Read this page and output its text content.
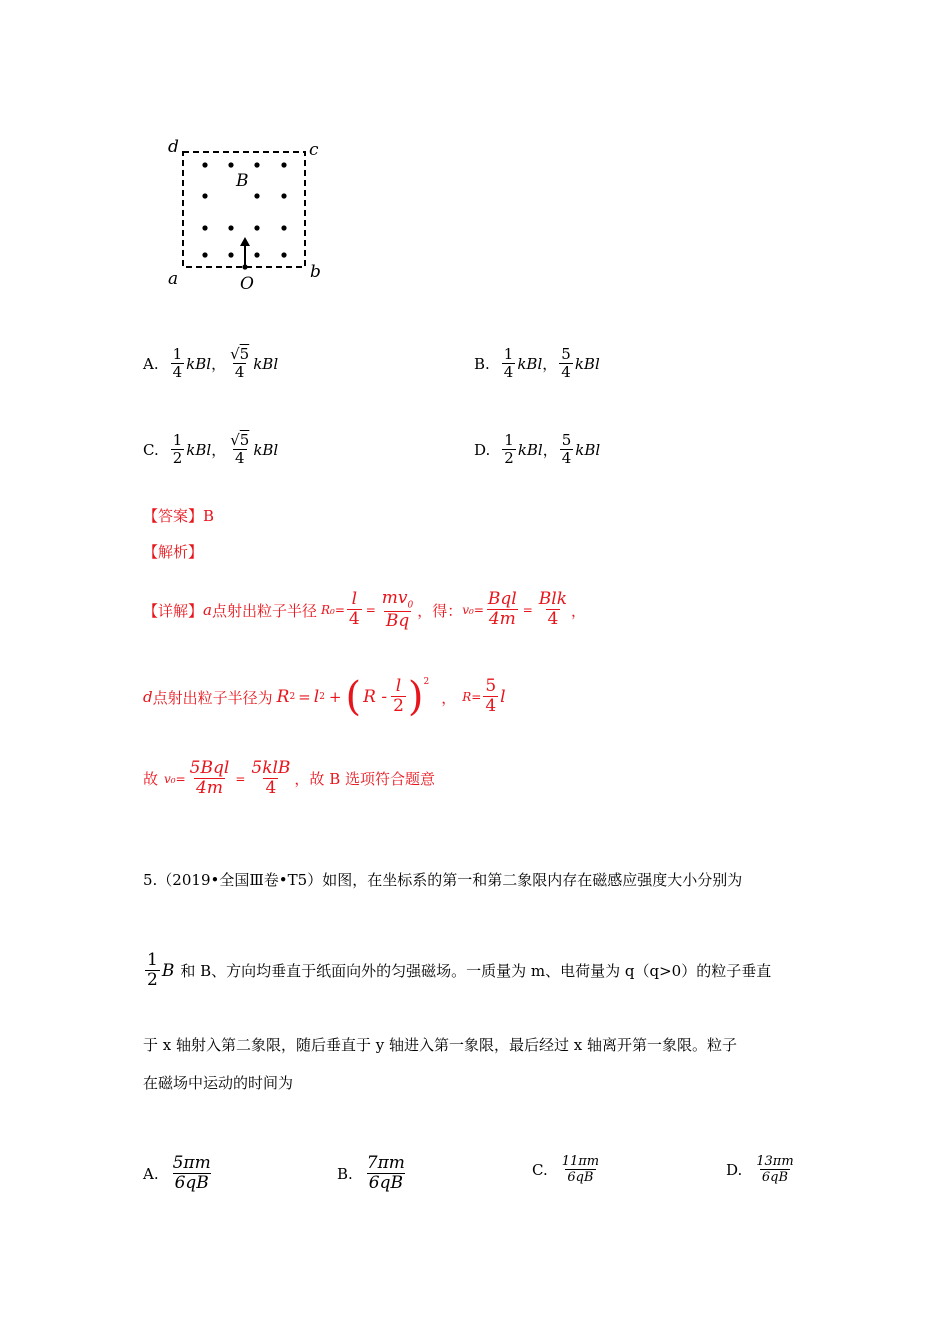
d	c
a	b
B
O
A. $\frac{1}{4}$ kBl ， $\frac{√5}{4}$ kBl	B. $\frac{1}{4}$ kBl ， $\frac{5}{4}$ kBl
C. $\frac{1}{2}$ kBl ， $\frac{√5}{4}$ kBl	D. $\frac{1}{2}$ kBl ， $\frac{5}{4}$ kBl
【答案】 B
【解析】
【详解】 a 点射出粒子半径 $R_0= \frac{l}{4} = \frac{mv_0}{Bq}$ ，得： $v_0= \frac{\text{Bql}}{4m} = \frac{\text{Blk}}{4}$ ，
d 点射出粒子半径为 R 2 = l 2 + ( R - $\frac{l}{2} )^2$
， $R= \frac{5}{4}$ l
故 $v_0= \frac{\text{5Bql}}{4m} = \frac{\text{5klB}}{4}$ ，故 B 选项符合题意
5.（2019•全国Ⅲ卷•T5）如图，在坐标系的第一和第二象限内存在磁感应强度大小分别为
$\frac{1}{2}$ B 和 B、方向均垂直于纸面向外的匀强磁场。一质量为 m、电荷量为 q（q>0）的粒子垂直
于 x 轴射入第二象限，随后垂直于 y 轴进入第一象限，最后经过 x 轴离开第一象限。粒子
在磁场中运动的时间为
A. $\frac{5\pi m}{6qB}$	B. $\frac{7\pi m}{6qB}$	C. $\frac{11\pi m}{6qB}$	D. $\frac{13\pi m}{6qB}$
